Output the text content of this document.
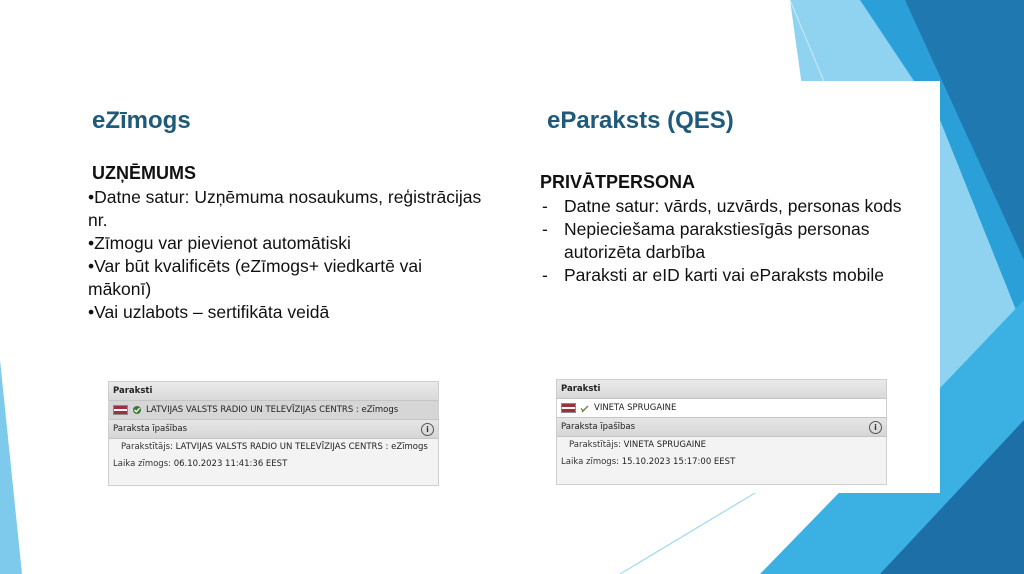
eZīmogs
UZŅĒMUMS
•Datne satur: Uzņēmuma nosaukums, reģistrācijas
nr.
•Zīmogu var pievienot automātiski
•Var būt kvalificēts (eZīmogs+ viedkartē vai
mākonī)
•Vai uzlabots – sertifikāta veidā
Paraksti
LATVIJAS VALSTS RADIO UN TELEVĪZIJAS CENTRS : eZīmogs
Paraksta īpašības	i
Parakstītājs: LATVIJAS VALSTS RADIO UN TELEVĪZIJAS CENTRS : eZīmogs
Laika zīmogs: 06.10.2023 11:41:36 EEST
eParaksts (QES)
PRIVĀTPERSONA
- Datne satur: vārds, uzvārds, personas kods
- Nepieciešama parakstiesīgās personas
autorizēta darbība
- Paraksti ar eID karti vai eParaksts mobile
Paraksti
VINETA SPRUGAINE
Paraksta īpašības	i
Parakstītājs: VINETA SPRUGAINE
Laika zīmogs: 15.10.2023 15:17:00 EEST
